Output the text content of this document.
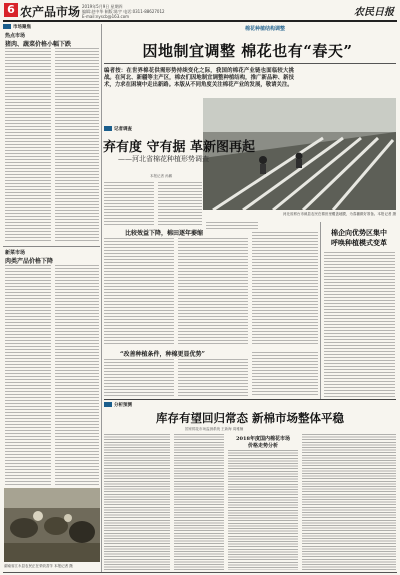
6 农产品市场 2019年5月9日 星期四
编辑:赵中华 制版:陈宇 电话:0311-88627012
E-mail:nyscb@163.com	农民日报
市场聚焦
热点市场
猪肉、蔬菜价格小幅下跌
新菜市场
肉类产品价格下降
湖南省江永县农民正在采收香芋 本报记者 摄
棉花种植结构调整
因地制宜调整 棉花也有“春天”
编者按：在世界棉花供需形势持续变化之际，我国的棉花产业链也面临较大挑战。在河北、新疆等主产区，棉农们因地制宜调整种植结构，推广新品种、新技术，力求在困境中走出新路。本版从不同角度关注棉花产业的发展，敬请关注。
河北省邢台市威县农民在棉田里覆盖地膜，为春播做好准备。本报记者 摄
记者调查
弃有度 守有据 革新图再起
——河北省棉花种植形势调查
本报记者 孙鹏
比较效益下降，棉田逐年萎缩
“改善种植条件，种棉更显优势”
棉企向优势区集中
呼唤种植模式变革
分析预测
库存有望回归常态 新棉市场整体平稳
国家棉花市场监测系统 王新海 周雅楠
2018年度国内棉花市场
价格走势分析
